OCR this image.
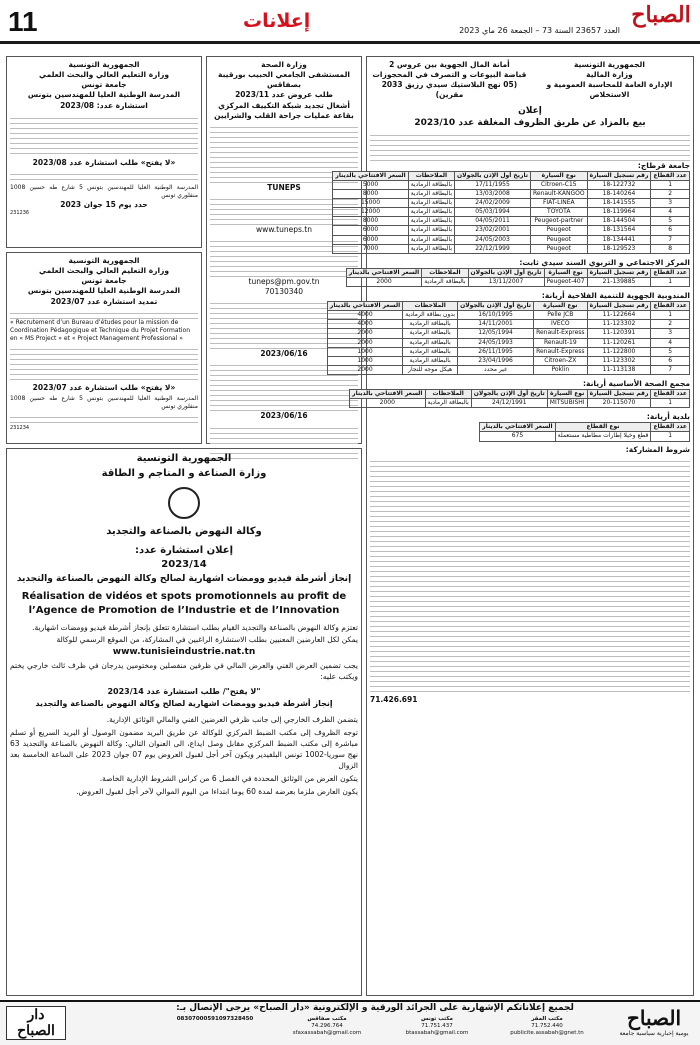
11	إعلانات	العدد 23657 السنة 73 – الجمعة 26 ماي 2023
الصباح
الجمهورية التونسية
وزارة التعليم العالي والبحث العلمي
جامعة تونس
المدرسة الوطنية العليا للمهندسين بتونس
استشارة عدد: 2023/08
«لا يفتح» طلب استشارة عدد 2023/08
المدرسة الوطنية العليا للمهندسين بتونس 5 شارع طه حسين 1008 منفلوري تونس
حدد يوم 15 جوان 2023
231236
الجمهورية التونسية
وزارة التعليم العالي والبحث العلمي
جامعة تونس
المدرسة الوطنية العليا للمهندسين بتونس
تمديد استشارة عدد 2023/07
« Recrutement d’un Bureau d’études pour la mission de Coordination Pédagogique et Technique du Projet Formation en « MS Project » et « Project Management Professional »
«لا يفتح» طلب استشارة عدد 2023/07
المدرسة الوطنية العليا للمهندسين بتونس 5 شارع طه حسين 1008 منفلوري تونس
231234
وزارة الصحة
المستشفى الجامعي الحبيب بورقيبة بصفاقس
طلب عروض عدد 2023/11
أشغال تجديد شبكة التكييف المركزي بقاعة عمليات جراحة القلب والشرايين
TUNEPS
www.tuneps.tn
tuneps@pm.gov.tn
70130340
2023/06/16
2023/06/16
الجمهورية التونسية
وزارة الصناعة و المناجم و الطاقة
وكالة النهوض بالصناعة والتجديد
إعلان استشارة عدد:
2023/14
إنجاز أشرطة فيديو وومضات اشهارية لصالح وكالة النهوض بالصناعة والتجديد
Réalisation de vidéos et spots promotionnels au profit de l’Agence de Promotion de l’Industrie et de l’Innovation
تعتزم وكالة النهوض بالصناعة والتجديد القيام بطلب استشارة تتعلق بإنجاز أشرطة فيديو وومضات اشهارية.
يمكن لكل العارضين المعنيين بطلب الاستشارة الراغبين في المشاركة، من الموقع الرسمي للوكالة
www.tunisieindustrie.nat.tn
يجب تضمين العرض الفني والعرض المالي في ظرفين منفصلين ومختومين يدرجان في ظرف ثالث خارجي يختم ويكتب عليه:
"لا يفتح"/ طلب استشارة عدد 2023/14
إنجاز أشرطة فيديو وومضات اشهارية لصالح وكالة النهوض بالصناعة والتجديد
يتضمن الظرف الخارجي إلى جانب ظرفي العرضين الفني والمالي الوثائق الإدارية.
توجه الظروف إلى مكتب الضبط المركزي للوكالة عن طريق البريد مضمون الوصول أو البريد السريع أو تسلم مباشرة إلى مكتب الضبط المركزي مقابل وصل ايداع، الى العنوان التالي: وكالة النهوض بالصناعة والتجديد 63 نهج سوريا-1002 تونس البلفيدير ويكون آخر أجل لقبول العروض يوم 07 جوان 2023 على الساعة الخامسة بعد الزوال
يتكون العرض من الوثائق المحددة في الفصل 6 من كراس الشروط الإدارية الخاصة.
يكون العارض ملزما بعرضه لمدة 60 يوما ابتداءا من اليوم الموالي لآخر أجل لقبول العروض.
الجمهورية التونسية
وزارة المالية
الإدارة العامة للمحاسبة العمومية و الاستخلاص
أمانة المال الجهوية بين عروس 2
قباضة البيوعات و التصرف في المحجوزات
(05 نهج البلاستيك سيدي رزيق 2033 مقرين)
إعلان
بيع بالمزاد عن طريق الظروف المغلقة عدد 2023/10
جامعة قرطاج:
عدد القطاع	رقم تسجيل السيارة	نوع السيارة	تاريخ أول الإذن بالجولان	الملاحظات	السعر الافتتاحي بالدينار
1	18-122732	Citroen-C15	17/11/1955	بالبطاقة الرمادية	5000
2	18-140264	Renault-KANGOO	13/03/2008	بالبطاقة الرمادية	8000
3	18-141555	FIAT-LINEA	24/02/2009	بالبطاقة الرمادية	15000
4	18-119964	TOYOTA	05/03/1994	بالبطاقة الرمادية	12000
5	18-144504	Peugeot-partner	04/05/2011	بالبطاقة الرمادية	8000
6	18-131564	Peugeot	23/02/2001	بالبطاقة الرمادية	6000
7	18-134441	Peugeot	24/05/2003	بالبطاقة الرمادية	6000
8	18-129523	Peugeot	22/12/1999	بالبطاقة الرمادية	7000
المركز الاجتماعي و التربوي السند سيدي ثابت:
عدد القطاع	رقم تسجيل السيارة	نوع السيارة	تاريخ أول الإذن بالجولان	الملاحظات	السعر الافتتاحي بالدينار
1	21-139885	Peugeot-407	13/11/2007	بالبطاقة الرمادية	2000
المندوبية الجهوية للتنمية الفلاحية أريانة:
عدد القطاع	رقم تسجيل السيارة	نوع السيارة	تاريخ أول الإذن بالجولان	الملاحظات	السعر الافتتاحي بالدينار
1	11-122664	Pelle JCB	16/10/1995	بدون بطاقة الرمادية	4000
2	11-123302	IVECO	14/11/2001	بالبطاقة الرمادية	4000
3	11-120391	Renault-Express	12/05/1994	بالبطاقة الرمادية	2000
4	11-120261	Renault-19	24/05/1993	بالبطاقة الرمادية	2000
5	11-122800	Renault-Express	26/11/1995	بالبطاقة الرمادية	1000
6	11-123302	Citroen-ZX	23/04/1996	بالبطاقة الرمادية	1000
7	11-113138	Poklin	غير محدد	هيكل موجه للنجار	2000
مجمع الصحة الأساسية أريانة:
عدد القطاع	رقم تسجيل السيارة	نوع السيارة	تاريخ أول الإذن بالجولان	الملاحظات	السعر الافتتاحي بالدينار
1	20-115070	MITSUBISHI	24/12/1991	بالبطاقة الرمادية	2000
بلدية أريانة:
عدد القطاع	نوع القطاع	السعر الافتتاحي بالدينار
1	قطع وخيلا إطارات مطاطية مستعملة	675
شروط المشاركة:
71.426.691
لجميع إعلاناتكم الإشهارية على الجرائد الورقية و الإلكترونية «دار الصباح» يرجى الإتصال بـ:	الصباح
يومية إخبارية سياسية جامعة
مكتب المقر
71.752.440
publicite.assabah@gnet.tn
مكتب تونس
71.751.437
btassabah@gmail.com
مكتب صفاقس
74.296.764
sfaxassabah@gmail.com
08307000591097328450
دار الصباح
